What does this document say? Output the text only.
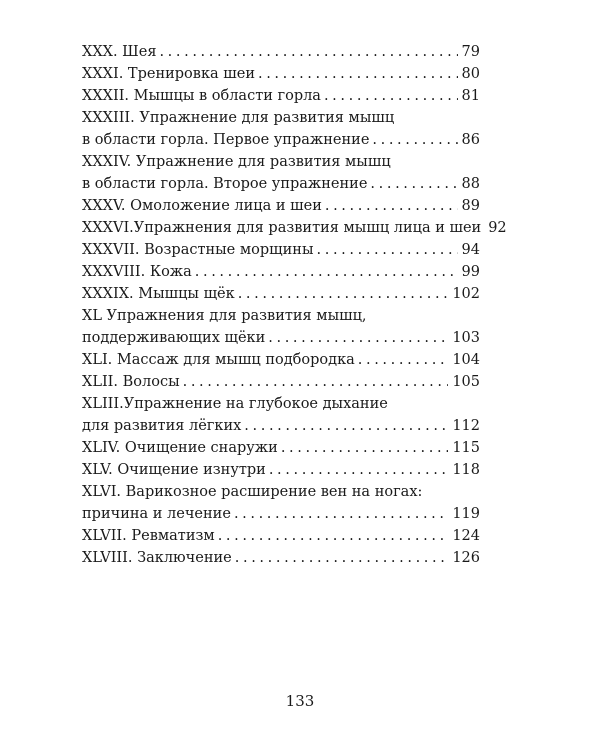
XXX. Шея . . .	79
XXXI. Тренировка шеи . . .	80
XXXII. Мышцы в области горла . . .	81
XXXIII. Упражнение для развития мышц
в области горла. Первое упражнение . . .	86
XXXIV. Упражнение для развития мышц
в области горла. Второе упражнение . . .	88
XXXV. Омоложение лица и шеи . . .	89
XXXVI.Упражнения для развития мышц лица и шеи 92
XXXVII. Возрастные морщины . . .	94
XXXVIII. Кожа . . .	99
XXXIX. Мышцы щёк . . .	102
XL Упражнения для развития мышц,
поддерживающих щёки . . .	103
XLI. Массаж для мышц подбородка . . .	104
XLII. Волосы . . .	105
XLIII.Упражнение на глубокое дыхание
для развития лёгких . . .	112
XLIV. Очищение снаружи . . .	115
XLV. Очищение изнутри . . .	118
XLVI. Варикозное расширение вен на ногах:
причина и лечение . . .	119
XLVII. Ревматизм . . .	124
XLVIII. Заключение . . .	126
133
